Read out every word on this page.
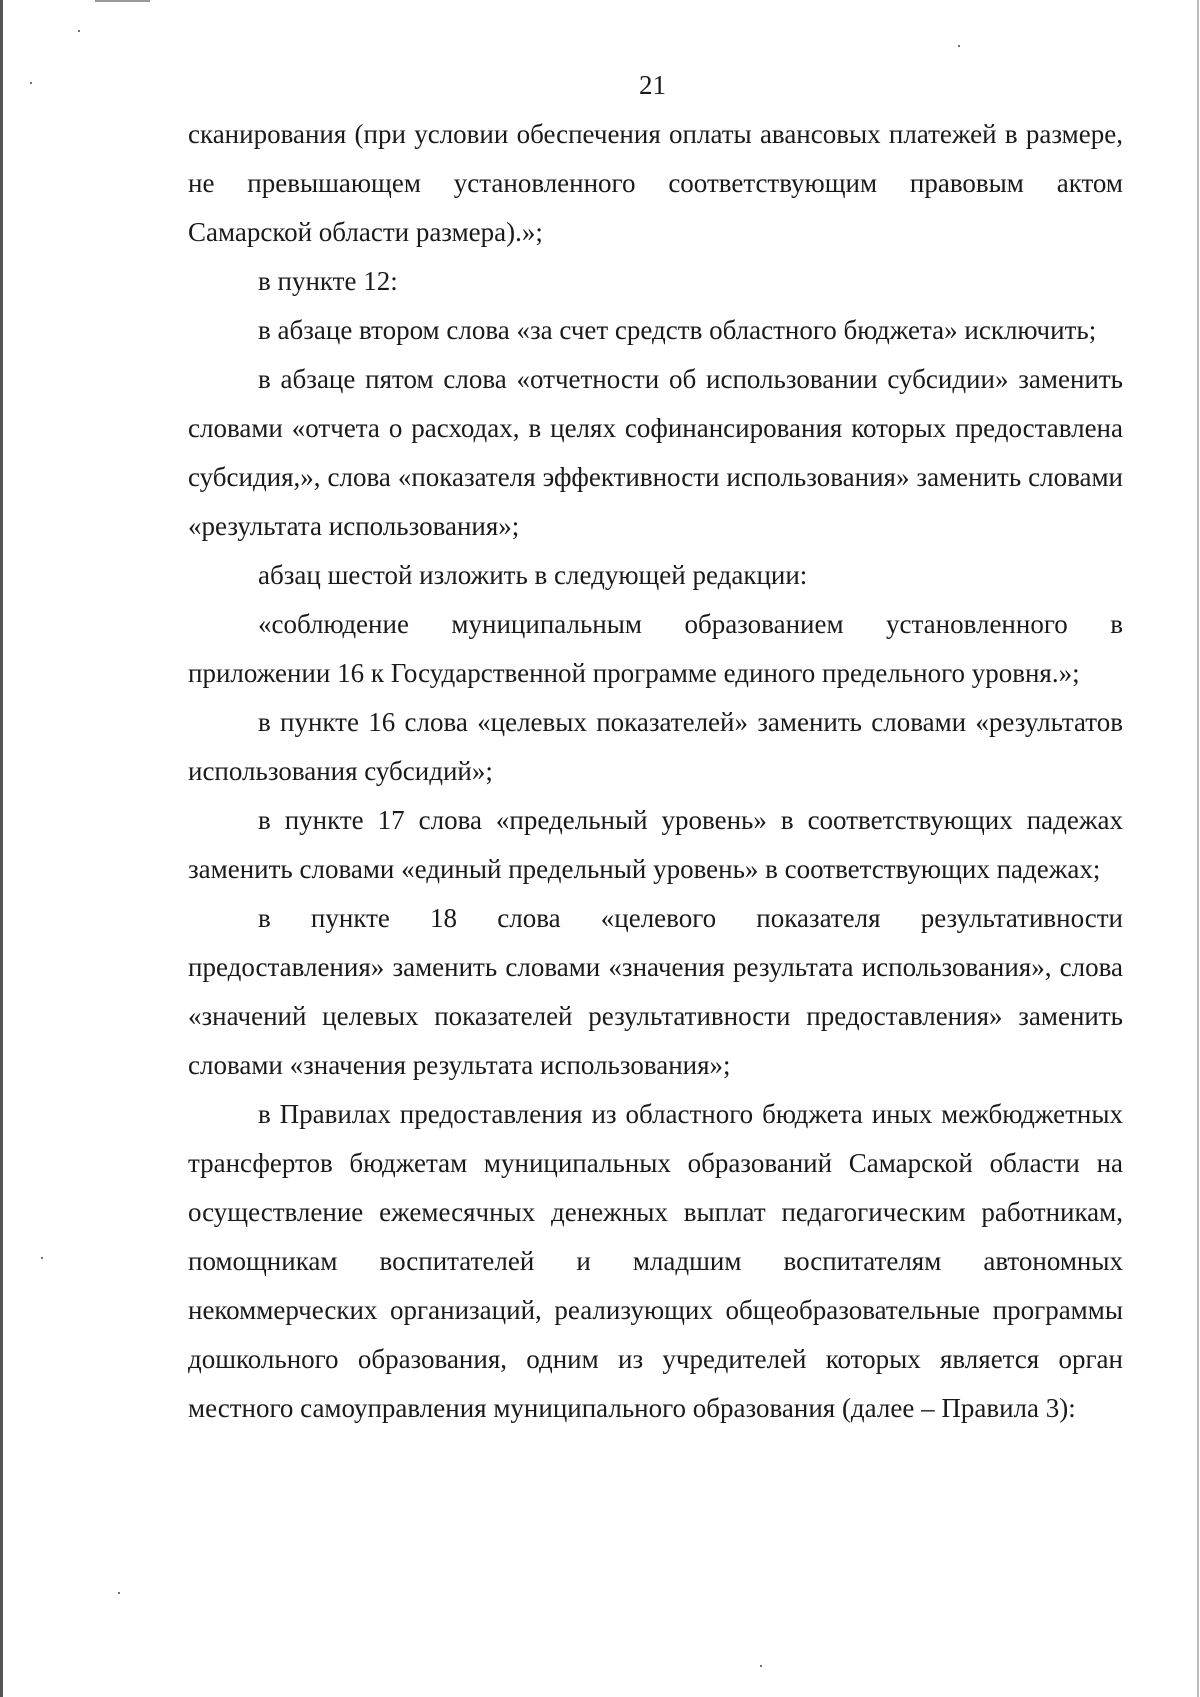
21

сканирования (при условии обеспечения оплаты авансовых платежей в размере, не превышающем установленного соответствующим правовым актом Самарской области размера).»;

в пункте 12:

в абзаце втором слова «за счет средств областного бюджета» исключить;

в абзаце пятом слова «отчетности об использовании субсидии» заменить словами «отчета о расходах, в целях софинансирования которых предоставлена субсидия,», слова «показателя эффективности использования» заменить словами «результата использования»;

абзац шестой изложить в следующей редакции:

«соблюдение муниципальным образованием установленного в приложении 16 к Государственной программе единого предельного уровня.»;

в пункте 16 слова «целевых показателей» заменить словами «результатов использования субсидий»;

в пункте 17 слова «предельный уровень» в соответствующих падежах заменить словами «единый предельный уровень» в соответствующих падежах;

в пункте 18 слова «целевого показателя результативности предоставления» заменить словами «значения результата использования», слова «значений целевых показателей результативности предоставления» заменить словами «значения результата использования»;

в Правилах предоставления из областного бюджета иных межбюджетных трансфертов бюджетам муниципальных образований Самарской области на осуществление ежемесячных денежных выплат педагогическим работникам, помощникам воспитателей и младшим воспитателям автономных некоммерческих организаций, реализующих общеобразовательные программы дошкольного образования, одним из учредителей которых является орган местного самоуправления муниципального образования (далее – Правила 3):
